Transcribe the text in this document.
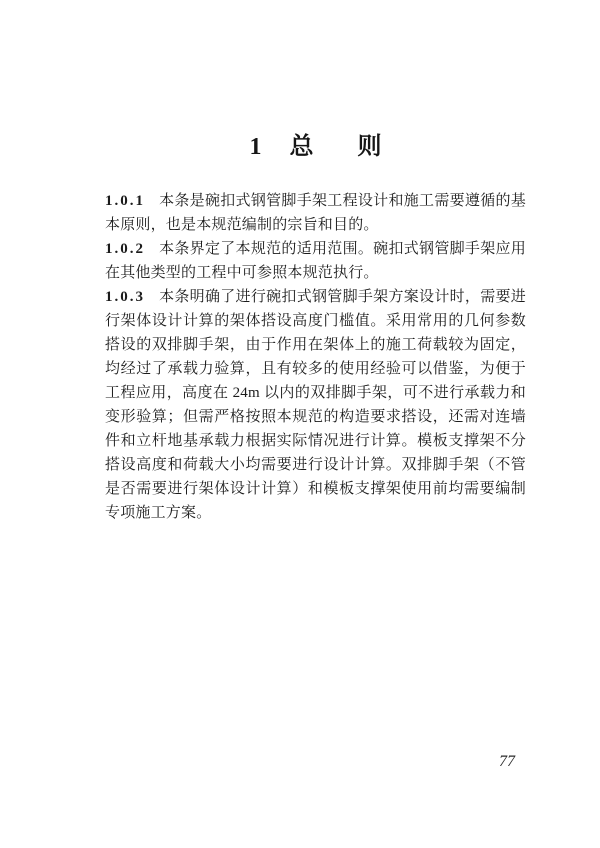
1 总 则

1.0.1 本条是碗扣式钢管脚手架工程设计和施工需要遵循的基本原则，也是本规范编制的宗旨和目的。

1.0.2 本条界定了本规范的适用范围。碗扣式钢管脚手架应用在其他类型的工程中可参照本规范执行。

1.0.3 本条明确了进行碗扣式钢管脚手架方案设计时，需要进行架体设计计算的架体搭设高度门槛值。采用常用的几何参数搭设的双排脚手架，由于作用在架体上的施工荷载较为固定，均经过了承载力验算，且有较多的使用经验可以借鉴，为便于工程应用，高度在 24m 以内的双排脚手架，可不进行承载力和变形验算；但需严格按照本规范的构造要求搭设，还需对连墙件和立杆地基承载力根据实际情况进行计算。模板支撑架不分搭设高度和荷载大小均需要进行设计计算。双排脚手架（不管是否需要进行架体设计计算）和模板支撑架使用前均需要编制专项施工方案。

77
